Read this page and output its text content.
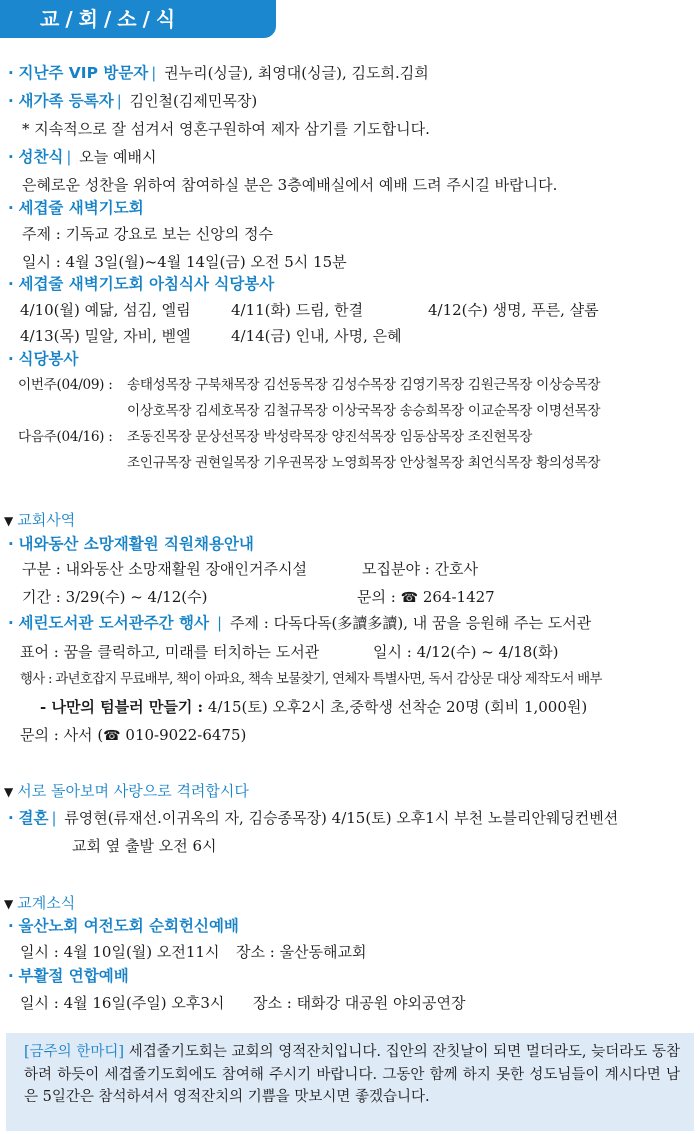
교/회/소/식
· 지난주 VIP 방문자 | 권누리(싱글), 최영대(싱글), 김도희.김희
· 새가족 등록자 | 김인철(김제민목장)
* 지속적으로 잘 섬겨서 영혼구원하여 제자 삼기를 기도합니다.
· 성찬식 | 오늘 예배시
은혜로운 성찬을 위하여 참여하실 분은 3층예배실에서 예배 드려 주시길 바랍니다.
· 세겹줄 새벽기도회
주제 : 기독교 강요로 보는 신앙의 정수
일시 : 4월 3일(월)~4월 14일(금) 오전 5시 15분
· 세겹줄 새벽기도회 아침식사 식당봉사
4/10(월) 예닮, 섬김, 엘림	4/11(화) 드림, 한결	4/12(수) 생명, 푸른, 샬롬
4/13(목) 밀알, 자비, 벧엘	4/14(금) 인내, 사명, 은혜
· 식당봉사
이번주(04/09) : 송태성목장 구북채목장 김선동목장 김성수목장 김영기목장 김원근목장 이상승목장
이상호목장 김세호목장 김철규목장 이상국목장 송승희목장 이교순목장 이명선목장
다음주(04/16) : 조동진목장 문상선목장 박성락목장 양진석목장 임동삼목장 조진현목장
조인규목장 권현일목장 기우권목장 노영희목장 안상철목장 최언식목장 황의성목장
▼ 교회사역
· 내와동산 소망재활원 직원채용안내
구분 : 내와동산 소망재활원 장애인거주시설	모집분야 : 간호사
기간 : 3/29(수) ~ 4/12(수)	문의 : ☎ 264-1427
· 세린도서관 도서관주간 행사 | 주제 : 다독다독(多讀多讀), 내 꿈을 응원해 주는 도서관
표어 : 꿈을 클릭하고, 미래를 터치하는 도서관	일시 : 4/12(수) ~ 4/18(화)
행사 : 과년호잡지 무료배부, 책이 아파요, 책속 보물찾기, 연체자 특별사면, 독서 감상문 대상 제작도서 배부
- 나만의 텀블러 만들기 : 4/15(토) 오후2시 초,중학생 선착순 20명 (회비 1,000원)
문의 : 사서 (☎ 010-9022-6475)
▼ 서로 돌아보며 사랑으로 격려합시다
· 결혼 | 류영현(류재선.이귀옥의 자, 김승종목장) 4/15(토) 오후1시 부천 노블리안웨딩컨벤션
교회 옆 출발 오전 6시
▼ 교계소식
· 울산노회 여전도회 순회헌신예배
일시 : 4월 10일(월) 오전11시 장소 : 울산동해교회
· 부활절 연합예배
일시 : 4월 16일(주일) 오후3시 장소 : 태화강 대공원 야외공연장
[금주의 한마디] 세겹줄기도회는 교회의 영적잔치입니다. 집안의 잔칫날이 되면 멀더라도, 늦더라도 동참하려 하듯이 세겹줄기도회에도 참여해 주시기 바랍니다. 그동안 함께 하지 못한 성도님들이 계시다면 남은 5일간은 참석하셔서 영적잔치의 기쁨을 맛보시면 좋겠습니다.
